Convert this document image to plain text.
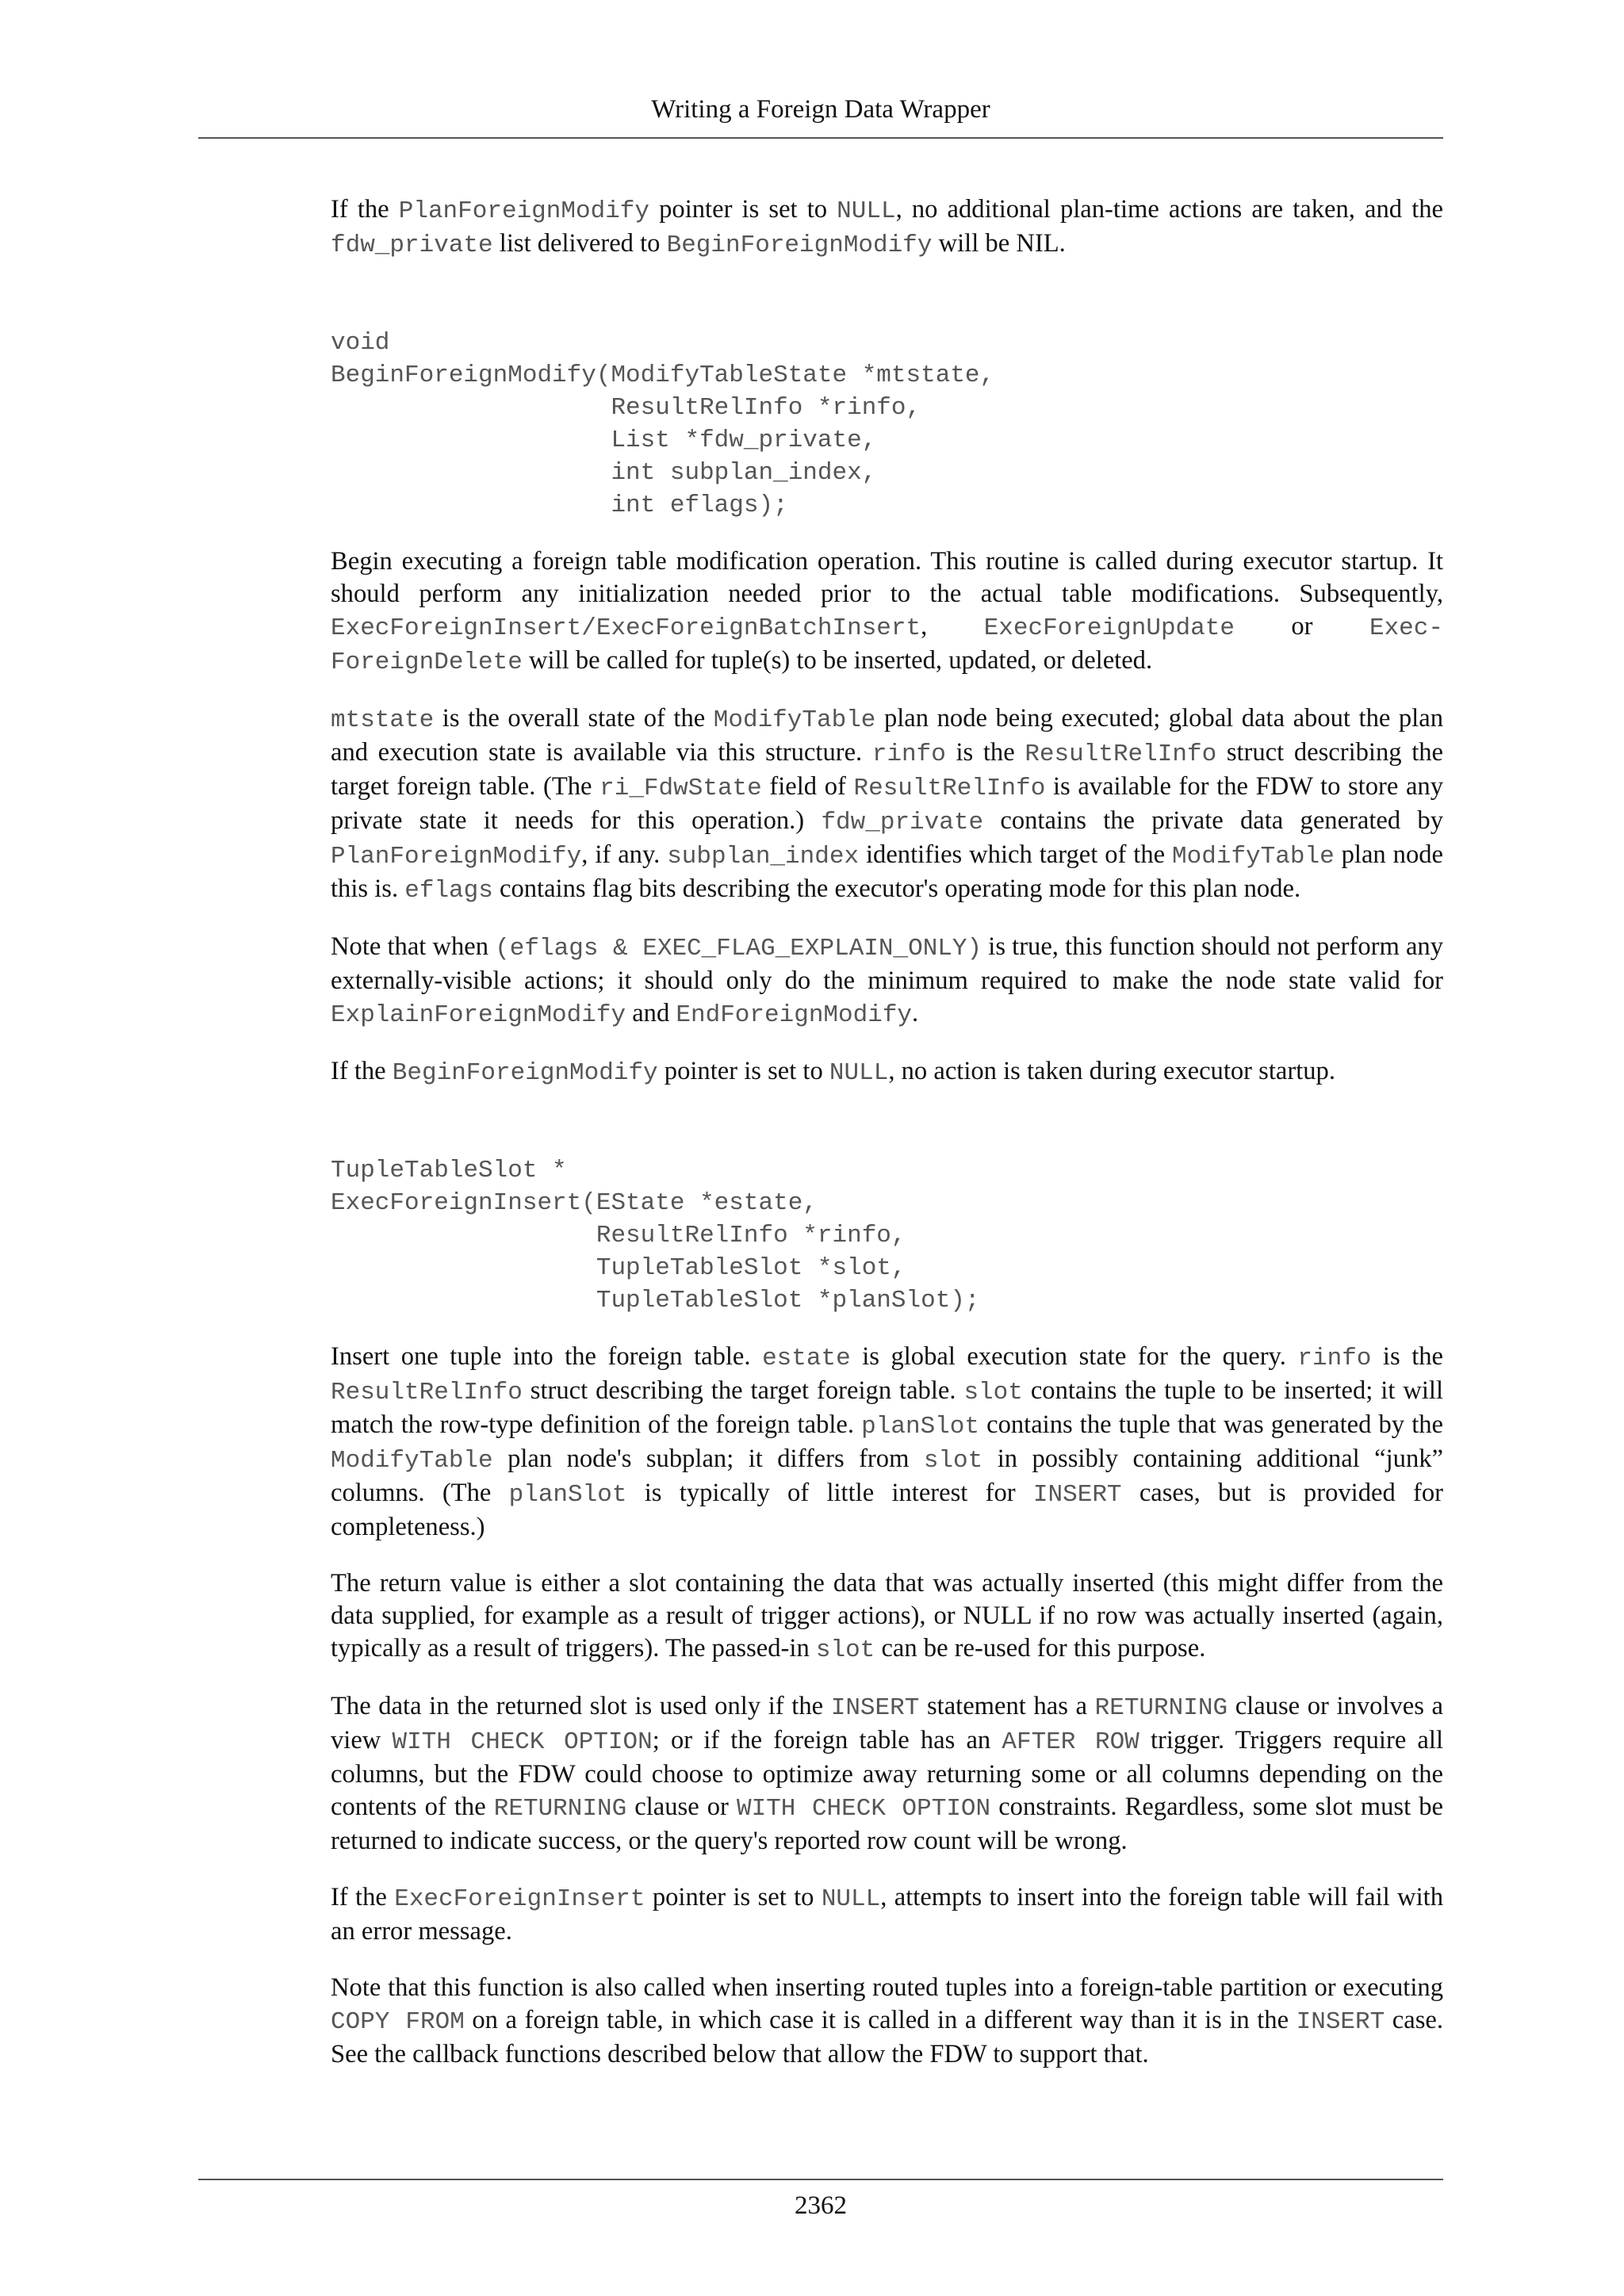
Writing a Foreign Data Wrapper

If the PlanForeignModify pointer is set to NULL, no additional plan-time actions are taken, and the fdw_private list delivered to BeginForeignModify will be NIL.

void
BeginForeignModify(ModifyTableState *mtstate,
ResultRelInfo *rinfo,
List *fdw_private,
int subplan_index,
int eflags);

Begin executing a foreign table modification operation. This routine is called during executor startup. It should perform any initialization needed prior to the actual table modifications. Subsequently, ExecForeignInsert/ExecForeignBatchInsert, ExecForeignUpdate or ExecForeignDelete will be called for tuple(s) to be inserted, updated, or deleted.

mtstate is the overall state of the ModifyTable plan node being executed; global data about the plan and execution state is available via this structure. rinfo is the ResultRelInfo struct describing the target foreign table. (The ri_FdwState field of ResultRelInfo is available for the FDW to store any private state it needs for this operation.) fdw_private contains the private data generated by PlanForeignModify, if any. subplan_index identifies which target of the ModifyTable plan node this is. eflags contains flag bits describing the executor's operating mode for this plan node.

Note that when (eflags & EXEC_FLAG_EXPLAIN_ONLY) is true, this function should not perform any externally-visible actions; it should only do the minimum required to make the node state valid for ExplainForeignModify and EndForeignModify.

If the BeginForeignModify pointer is set to NULL, no action is taken during executor startup.

TupleTableSlot *
ExecForeignInsert(EState *estate,
ResultRelInfo *rinfo,
TupleTableSlot *slot,
TupleTableSlot *planSlot);

Insert one tuple into the foreign table. estate is global execution state for the query. rinfo is the ResultRelInfo struct describing the target foreign table. slot contains the tuple to be inserted; it will match the row-type definition of the foreign table. planSlot contains the tuple that was generated by the ModifyTable plan node's subplan; it differs from slot in possibly containing additional “junk” columns. (The planSlot is typically of little interest for INSERT cases, but is provided for completeness.)

The return value is either a slot containing the data that was actually inserted (this might differ from the data supplied, for example as a result of trigger actions), or NULL if no row was actually inserted (again, typically as a result of triggers). The passed-in slot can be re-used for this purpose.

The data in the returned slot is used only if the INSERT statement has a RETURNING clause or involves a view WITH CHECK OPTION; or if the foreign table has an AFTER ROW trigger. Triggers require all columns, but the FDW could choose to optimize away returning some or all columns depending on the contents of the RETURNING clause or WITH CHECK OPTION constraints. Regardless, some slot must be returned to indicate success, or the query's reported row count will be wrong.

If the ExecForeignInsert pointer is set to NULL, attempts to insert into the foreign table will fail with an error message.

Note that this function is also called when inserting routed tuples into a foreign-table partition or executing COPY FROM on a foreign table, in which case it is called in a different way than it is in the INSERT case. See the callback functions described below that allow the FDW to support that.

2362
